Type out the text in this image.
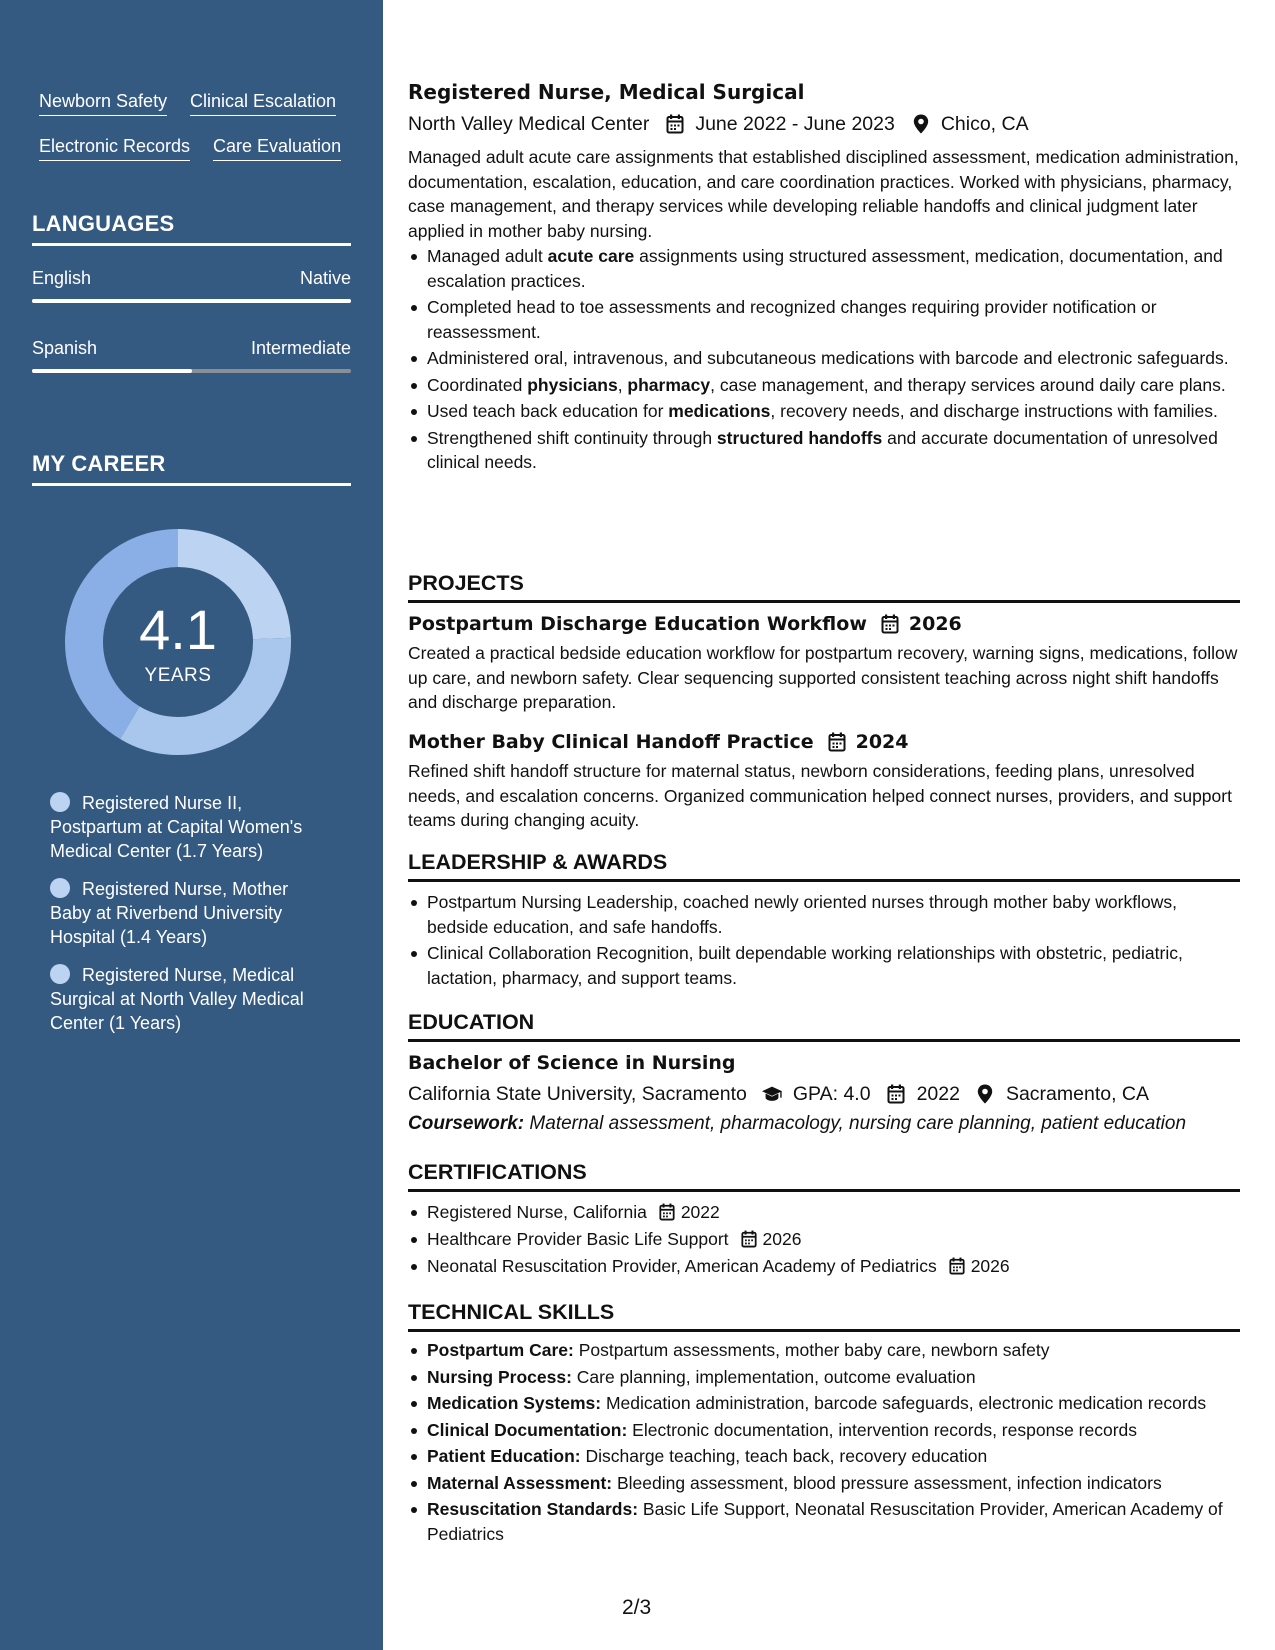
Newborn Safety Clinical Escalation
Electronic Records Care Evaluation
LANGUAGES
English	Native
Spanish	Intermediate
MY CAREER
4.1
YEARS
Registered Nurse II, Postpartum at Capital Women's Medical Center (1.7 Years)
Registered Nurse, Mother Baby at Riverbend University Hospital (1.4 Years)
Registered Nurse, Medical Surgical at North Valley Medical Center (1 Years)
Registered Nurse, Medical Surgical
North Valley Medical Center June 2022 - June 2023 Chico, CA
Managed adult acute care assignments that established disciplined assessment, medication administration, documentation, escalation, education, and care coordination practices. Worked with physicians, pharmacy, case management, and therapy services while developing reliable handoffs and clinical judgment later applied in mother baby nursing.
Managed adult acute care assignments using structured assessment, medication, documentation, and escalation practices.
Completed head to toe assessments and recognized changes requiring provider notification or reassessment.
Administered oral, intravenous, and subcutaneous medications with barcode and electronic safeguards.
Coordinated physicians, pharmacy, case management, and therapy services around daily care plans.
Used teach back education for medications, recovery needs, and discharge instructions with families.
Strengthened shift continuity through structured handoffs and accurate documentation of unresolved clinical needs.
PROJECTS
Postpartum Discharge Education Workflow 2026
Created a practical bedside education workflow for postpartum recovery, warning signs, medications, follow up care, and newborn safety. Clear sequencing supported consistent teaching across night shift handoffs and discharge preparation.
Mother Baby Clinical Handoff Practice 2024
Refined shift handoff structure for maternal status, newborn considerations, feeding plans, unresolved needs, and escalation concerns. Organized communication helped connect nurses, providers, and support teams during changing acuity.
LEADERSHIP & AWARDS
Postpartum Nursing Leadership, coached newly oriented nurses through mother baby workflows, bedside education, and safe handoffs.
Clinical Collaboration Recognition, built dependable working relationships with obstetric, pediatric, lactation, pharmacy, and support teams.
EDUCATION
Bachelor of Science in Nursing
California State University, Sacramento GPA: 4.0 2022 Sacramento, CA
Coursework: Maternal assessment, pharmacology, nursing care planning, patient education
CERTIFICATIONS
Registered Nurse, California 2022
Healthcare Provider Basic Life Support 2026
Neonatal Resuscitation Provider, American Academy of Pediatrics 2026
TECHNICAL SKILLS
Postpartum Care: Postpartum assessments, mother baby care, newborn safety
Nursing Process: Care planning, implementation, outcome evaluation
Medication Systems: Medication administration, barcode safeguards, electronic medication records
Clinical Documentation: Electronic documentation, intervention records, response records
Patient Education: Discharge teaching, teach back, recovery education
Maternal Assessment: Bleeding assessment, blood pressure assessment, infection indicators
Resuscitation Standards: Basic Life Support, Neonatal Resuscitation Provider, American Academy of Pediatrics
2/3
